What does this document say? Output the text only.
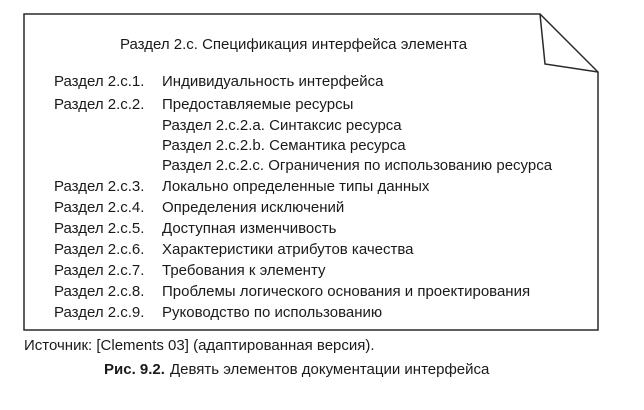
Раздел 2.c. Спецификация интерфейса элемента
Раздел 2.c.1. Индивидуальность интерфейса
Раздел 2.c.2. Предоставляемые ресурсы
Раздел 2.c.2.a. Синтаксис ресурса
Раздел 2.c.2.b. Семантика ресурса
Раздел 2.c.2.c. Ограничения по использованию ресурса
Раздел 2.c.3. Локально определенные типы данных
Раздел 2.c.4. Определения исключений
Раздел 2.c.5. Доступная изменчивость
Раздел 2.c.6. Характеристики атрибутов качества
Раздел 2.c.7. Требования к элементу
Раздел 2.c.8. Проблемы логического основания и проектирования
Раздел 2.c.9. Руководство по использованию
Источник: [Clements 03] (адаптированная версия).
Рис. 9.2. Девять элементов документации интерфейса
